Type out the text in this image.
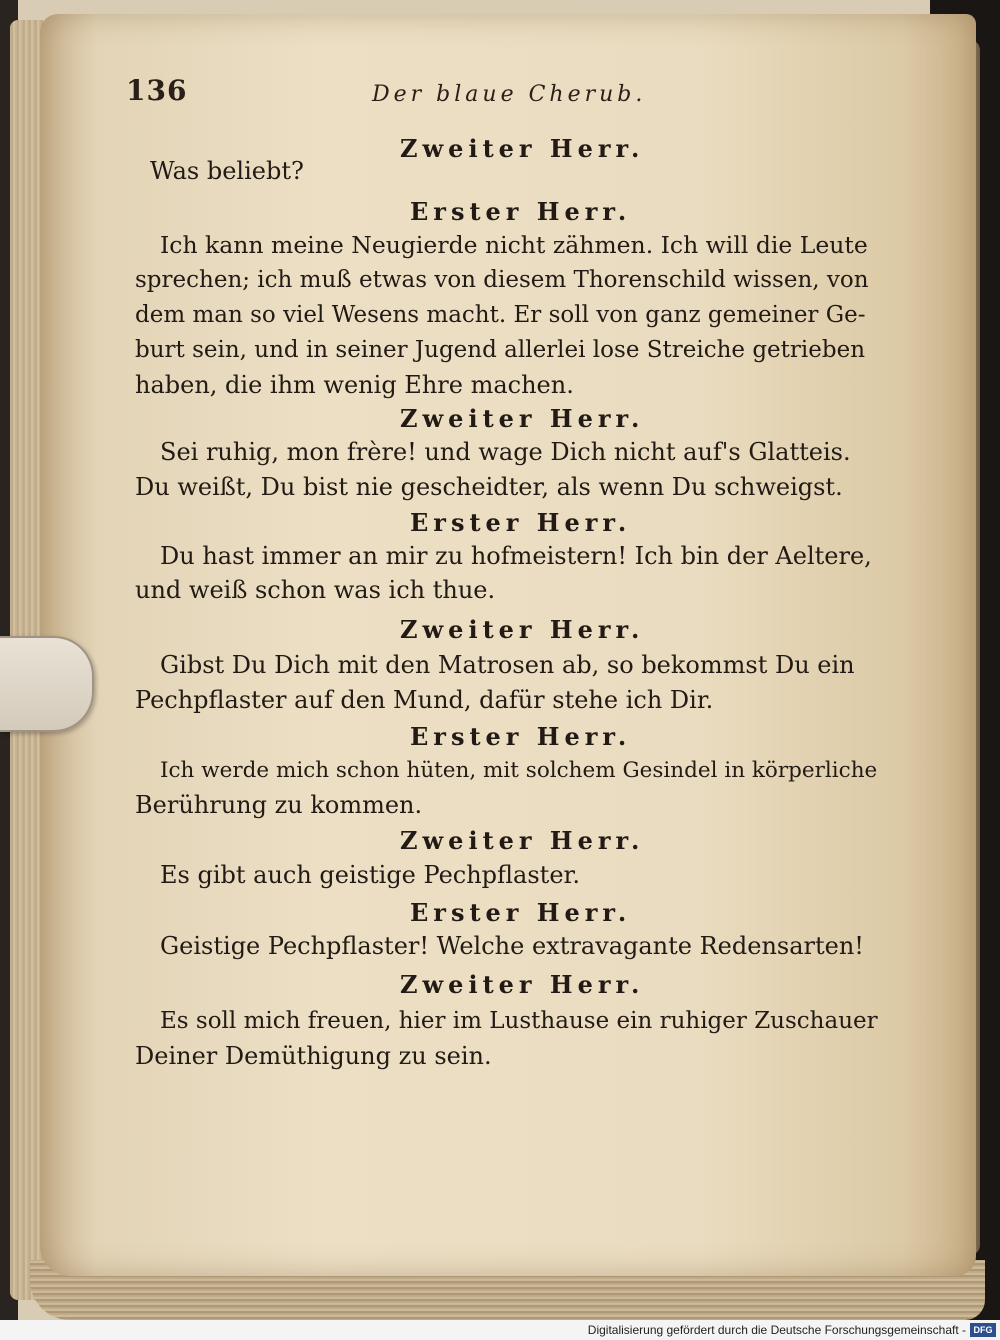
136	Der blaue Cherub.
Zweiter Herr.
Was beliebt?
Erster Herr.
Ich kann meine Neugierde nicht zähmen. Ich will die Leute
sprechen; ich muß etwas von diesem Thorenschild wissen, von
dem man so viel Wesens macht. Er soll von ganz gemeiner Ge-
burt sein, und in seiner Jugend allerlei lose Streiche getrieben
haben, die ihm wenig Ehre machen.
Zweiter Herr.
Sei ruhig, mon frère! und wage Dich nicht auf's Glatteis.
Du weißt, Du bist nie gescheidter, als wenn Du schweigst.
Erster Herr.
Du hast immer an mir zu hofmeistern! Ich bin der Aeltere,
und weiß schon was ich thue.
Zweiter Herr.
Gibst Du Dich mit den Matrosen ab, so bekommst Du ein
Pechpflaster auf den Mund, dafür stehe ich Dir.
Erster Herr.
Ich werde mich schon hüten, mit solchem Gesindel in körperliche
Berührung zu kommen.
Zweiter Herr.
Es gibt auch geistige Pechpflaster.
Erster Herr.
Geistige Pechpflaster! Welche extravagante Redensarten!
Zweiter Herr.
Es soll mich freuen, hier im Lusthause ein ruhiger Zuschauer
Deiner Demüthigung zu sein.
Digitalisierung gefördert durch die Deutsche Forschungsgemeinschaft - DFG
